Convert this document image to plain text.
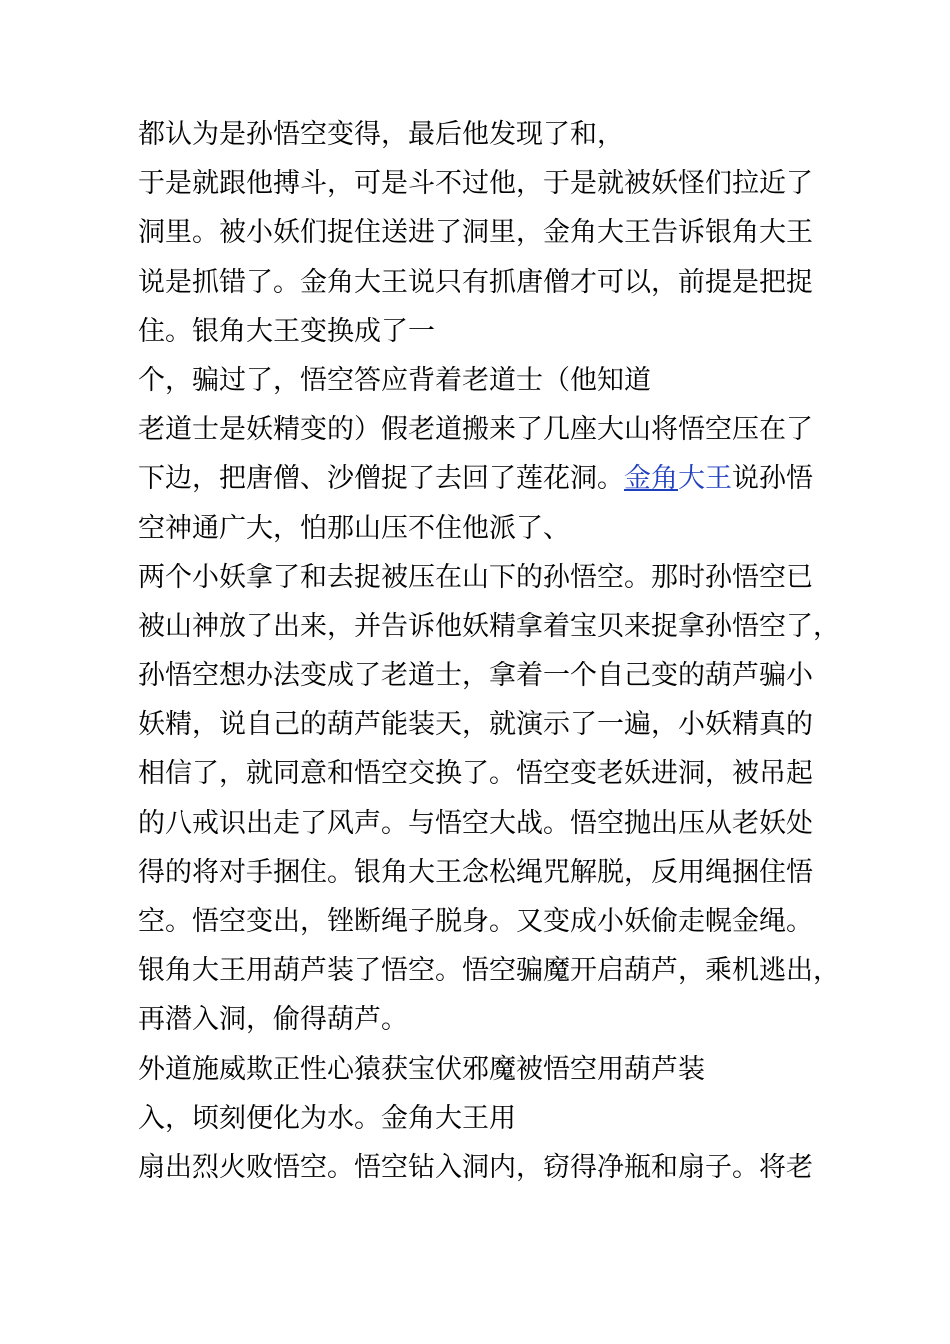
都认为是孙悟空变得，最后他发现了和，
于是就跟他搏斗，可是斗不过他，于是就被妖怪们拉近了
洞里。被小妖们捉住送进了洞里，金角大王告诉银角大王
说是抓错了。金角大王说只有抓唐僧才可以，前提是把捉
住。银角大王变换成了一
个，骗过了，悟空答应背着老道士（他知道
老道士是妖精变的）假老道搬来了几座大山将悟空压在了
下边，把唐僧、沙僧捉了去回了莲花洞。金角大王说孙悟
空神通广大，怕那山压不住他派了、
两个小妖拿了和去捉被压在山下的孙悟空。那时孙悟空已
被山神放了出来，并告诉他妖精拿着宝贝来捉拿孙悟空了，
孙悟空想办法变成了老道士，拿着一个自己变的葫芦骗小
妖精，说自己的葫芦能装天，就演示了一遍，小妖精真的
相信了，就同意和悟空交换了。悟空变老妖进洞，被吊起
的八戒识出走了风声。与悟空大战。悟空抛出压从老妖处
得的将对手捆住。银角大王念松绳咒解脱，反用绳捆住悟
空。悟空变出，锉断绳子脱身。又变成小妖偷走幌金绳。
银角大王用葫芦装了悟空。悟空骗魔开启葫芦，乘机逃出，
再潜入洞，偷得葫芦。
外道施威欺正性心猿获宝伏邪魔被悟空用葫芦装
入，顷刻便化为水。金角大王用
扇出烈火败悟空。悟空钻入洞内，窃得净瓶和扇子。将老
